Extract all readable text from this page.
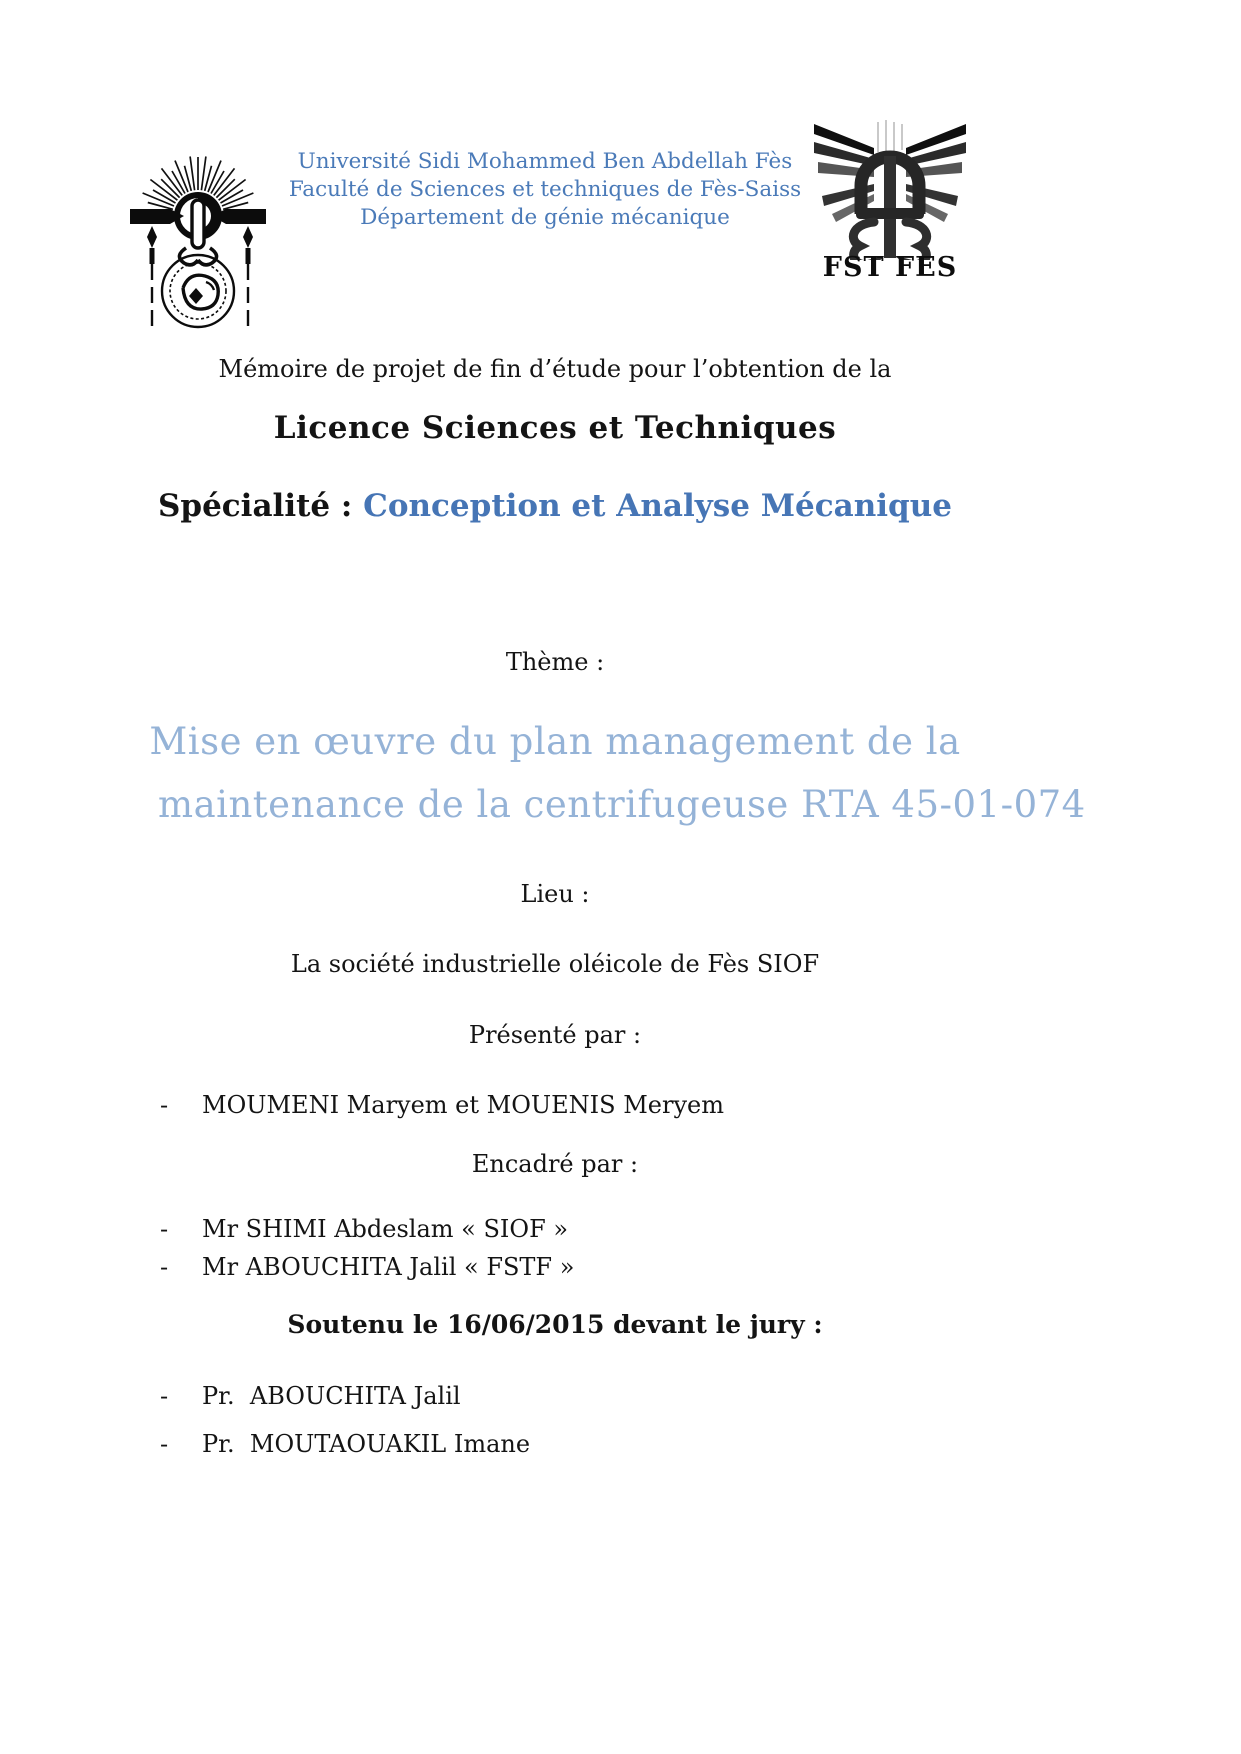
Université Sidi Mohammed Ben Abdellah Fès
Faculté de Sciences et techniques de Fès-Saiss
Département de génie mécanique
FST FES
Mémoire de projet de fin d’étude pour l’obtention de la
Licence Sciences et Techniques
Spécialité : Conception et Analyse Mécanique
Thème :
Mise en œuvre du plan management de la
maintenance de la centrifugeuse RTA 45-01-074
Lieu :
La société industrielle oléicole de Fès SIOF
Présenté par :
- MOUMENI Maryem et MOUENIS Meryem
Encadré par :
- Mr SHIMI Abdeslam « SIOF »
- Mr ABOUCHITA Jalil « FSTF »
Soutenu le 16/06/2015 devant le jury :
- Pr.  ABOUCHITA Jalil
- Pr.  MOUTAOUAKIL Imane
